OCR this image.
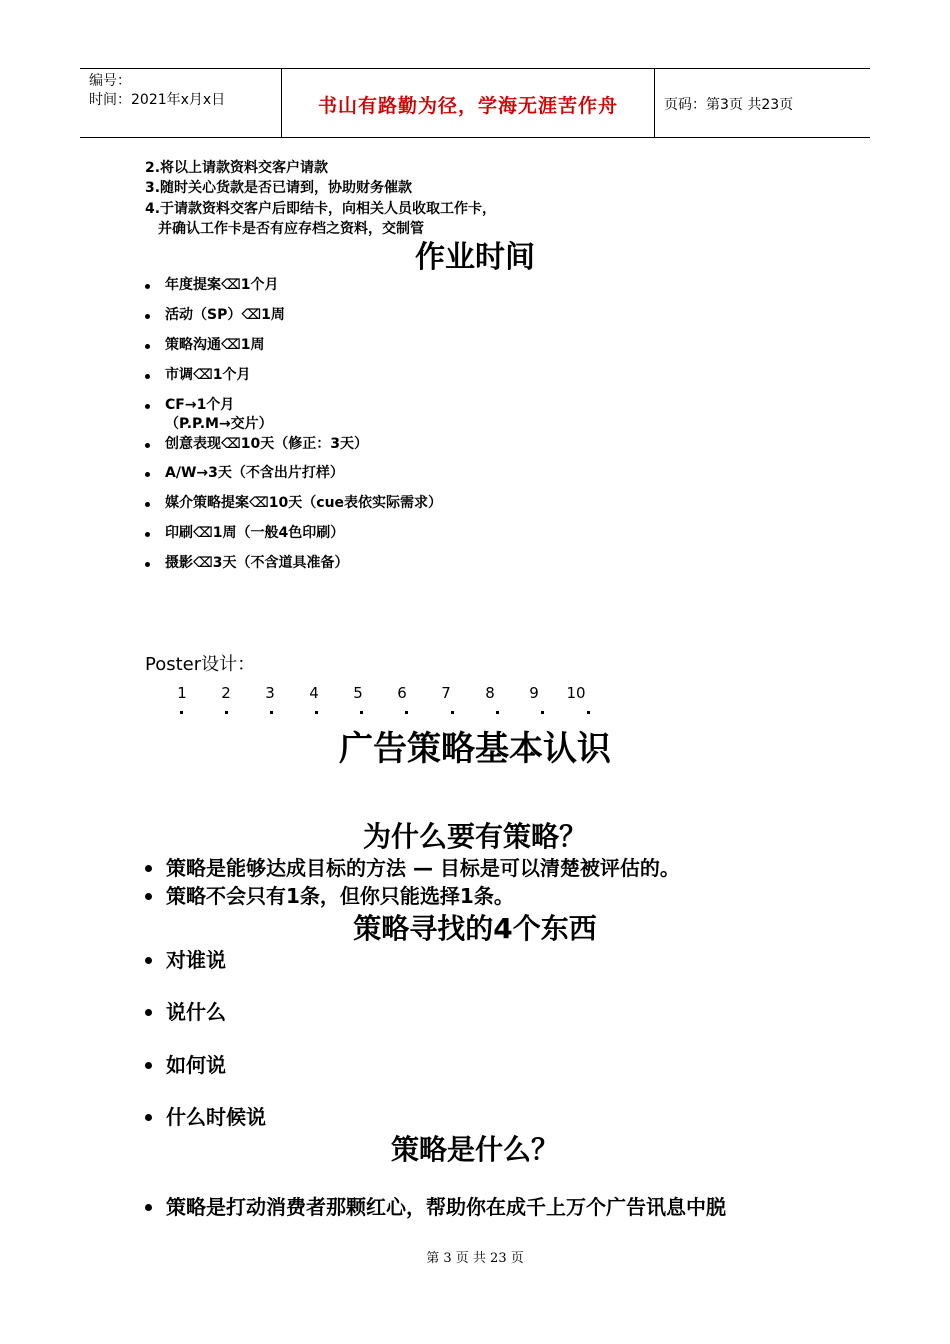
编号：
时间：2021年x月x日	书山有路勤为径，学海无涯苦作舟	页码：第3页 共23页
2.将以上请款资料交客户请款
3.随时关心货款是否已请到，协助财务催款
4.于请款资料交客户后即结卡，向相关人员收取工作卡，
并确认工作卡是否有应存档之资料，交制管
作业时间
年度提案⌫1个月
活动（SP）⌫1周
策略沟通⌫1周
市调⌫1个月
CF→1个月
（P.P.M→交片）
创意表现⌫10天（修正：3天）
A/W→3天（不含出片打样）
媒介策略提案⌫10天（cue表依实际需求）
印刷⌫1周（一般4色印刷）
摄影⌫3天（不含道具准备）
Poster设计：
1	2	3	4	5	6	7	8	9	10
广告策略基本认识
为什么要有策略？
策略是能够达成目标的方法 — 目标是可以清楚被评估的。
策略不会只有1条，但你只能选择1条。
策略寻找的4个东西
对谁说
说什么
如何说
什么时候说
策略是什么？
策略是打动消费者那颗红心，帮助你在成千上万个广告讯息中脱
第 3 页 共 23 页
